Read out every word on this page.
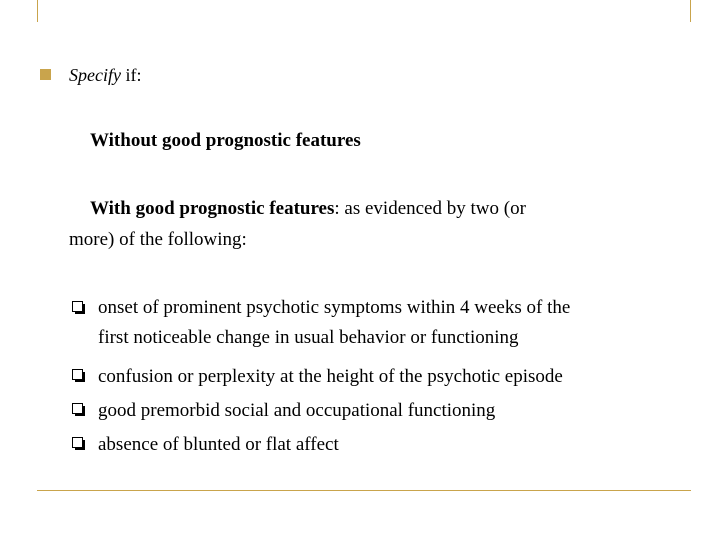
Specify if:

Without good prognostic features

With good prognostic features: as evidenced by two (or

more) of the following:

onset of prominent psychotic symptoms within 4 weeks of the
first noticeable change in usual behavior or functioning
confusion or perplexity at the height of the psychotic episode
good premorbid social and occupational functioning
absence of blunted or flat affect
